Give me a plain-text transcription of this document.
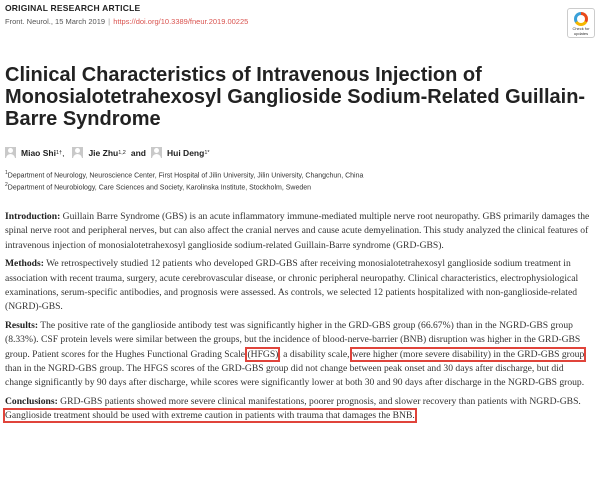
ORIGINAL RESEARCH ARTICLE
Front. Neurol., 15 March 2019 | https://doi.org/10.3389/fneur.2019.00225
Check for
updates
Clinical Characteristics of Intravenous Injection of Monosialotetrahexosyl Ganglioside Sodium-Related Guillain-Barre Syndrome
Miao Shi 1† ,	Jie Zhu 1,2 and Hui Deng 1*
$^1$Department of Neurology, Neuroscience Center, First Hospital of Jilin University, Jilin University, Changchun, China
$^2$Department of Neurobiology, Care Sciences and Society, Karolinska Institute, Stockholm, Sweden

Introduction: Guillain Barre Syndrome (GBS) is an acute inflammatory immune-mediated multiple nerve root neuropathy. GBS primarily damages the spinal nerve root and peripheral nerves, but can also affect the cranial nerves and cause acute demyelination. This study analyzed the clinical features of intravenous injection of monosialotetrahexosyl ganglioside sodium-related Guillain-Barre syndrome (GRD-GBS).

Methods: We retrospectively studied 12 patients who developed GRD-GBS after receiving monosialotetrahexosyl ganglioside sodium treatment in association with recent trauma, surgery, acute cerebrovascular disease, or chronic peripheral neuropathy. Clinical characteristics, electrophysiological examinations, serum-specific antibodies, and prognosis were assessed. As controls, we selected 12 patients hospitalized with non-ganglioside-related (NGRD)-GBS.

Results: The positive rate of the ganglioside antibody test was significantly higher in the GRD-GBS group (66.67%) than in the NGRD-GBS group (8.33%). CSF protein levels were similar between the groups, but the incidence of blood-nerve-barrier (BNB) disruption was higher in the GRD-GBS group. Patient scores for the Hughes Functional Grading Scale (HFGS), a disability scale, were higher (more severe disability) in the GRD-GBS group than in the NGRD-GBS group. The HFGS scores of the GRD-GBS group did not change between peak onset and 30 days after discharge, but did change significantly by 90 days after discharge, while scores were significantly lower at both 30 and 90 days after discharge in the NGRD-GBS group.

Conclusions: GRD-GBS patients showed more severe clinical manifestations, poorer prognosis, and slower recovery than patients with NGRD-GBS. Ganglioside treatment should be used with extreme caution in patients with trauma that damages the BNB.
